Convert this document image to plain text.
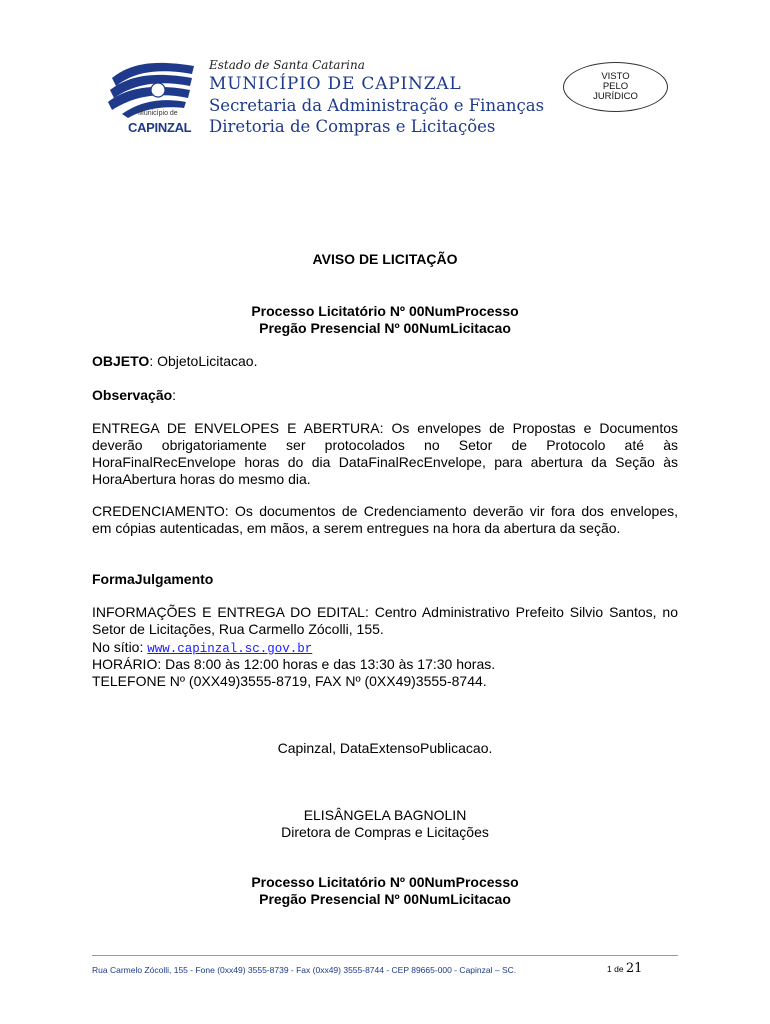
Município de
CAPINZAL
Estado de Santa Catarina
MUNICÍPIO DE CAPINZAL
Secretaria da Administração e Finanças
Diretoria de Compras e Licitações
VISTO
PELO
JURÍDICO
AVISO DE LICITAÇÃO
Processo Licitatório Nº 00NumProcesso
Pregão Presencial Nº 00NumLicitacao
OBJETO: ObjetoLicitacao.
Observação:
ENTREGA DE ENVELOPES E ABERTURA: Os envelopes de Propostas e Documentos deverão obrigatoriamente ser protocolados no Setor de Protocolo até às HoraFinalRecEnvelope horas do dia DataFinalRecEnvelope, para abertura da Seção às HoraAbertura horas do mesmo dia.
CREDENCIAMENTO: Os documentos de Credenciamento deverão vir fora dos envelopes, em cópias autenticadas, em mãos, a serem entregues na hora da abertura da seção.
FormaJulgamento
INFORMAÇÕES E ENTREGA DO EDITAL: Centro Administrativo Prefeito Silvio Santos, no Setor de Licitações, Rua Carmello Zócolli, 155.
No sítio: www.capinzal.sc.gov.br
HORÁRIO: Das 8:00 às 12:00 horas e das 13:30 às 17:30 horas.
TELEFONE Nº (0XX49)3555-8719, FAX Nº (0XX49)3555-8744.
Capinzal, DataExtensoPublicacao.
ELISÂNGELA BAGNOLIN
Diretora de Compras e Licitações
Processo Licitatório Nº 00NumProcesso
Pregão Presencial Nº 00NumLicitacao
Rua Carmelo Zócolli, 155 - Fone (0xx49) 3555-8739 - Fax (0xx49) 3555-8744 - CEP 89665-000 - Capinzal – SC.	1 de 21
